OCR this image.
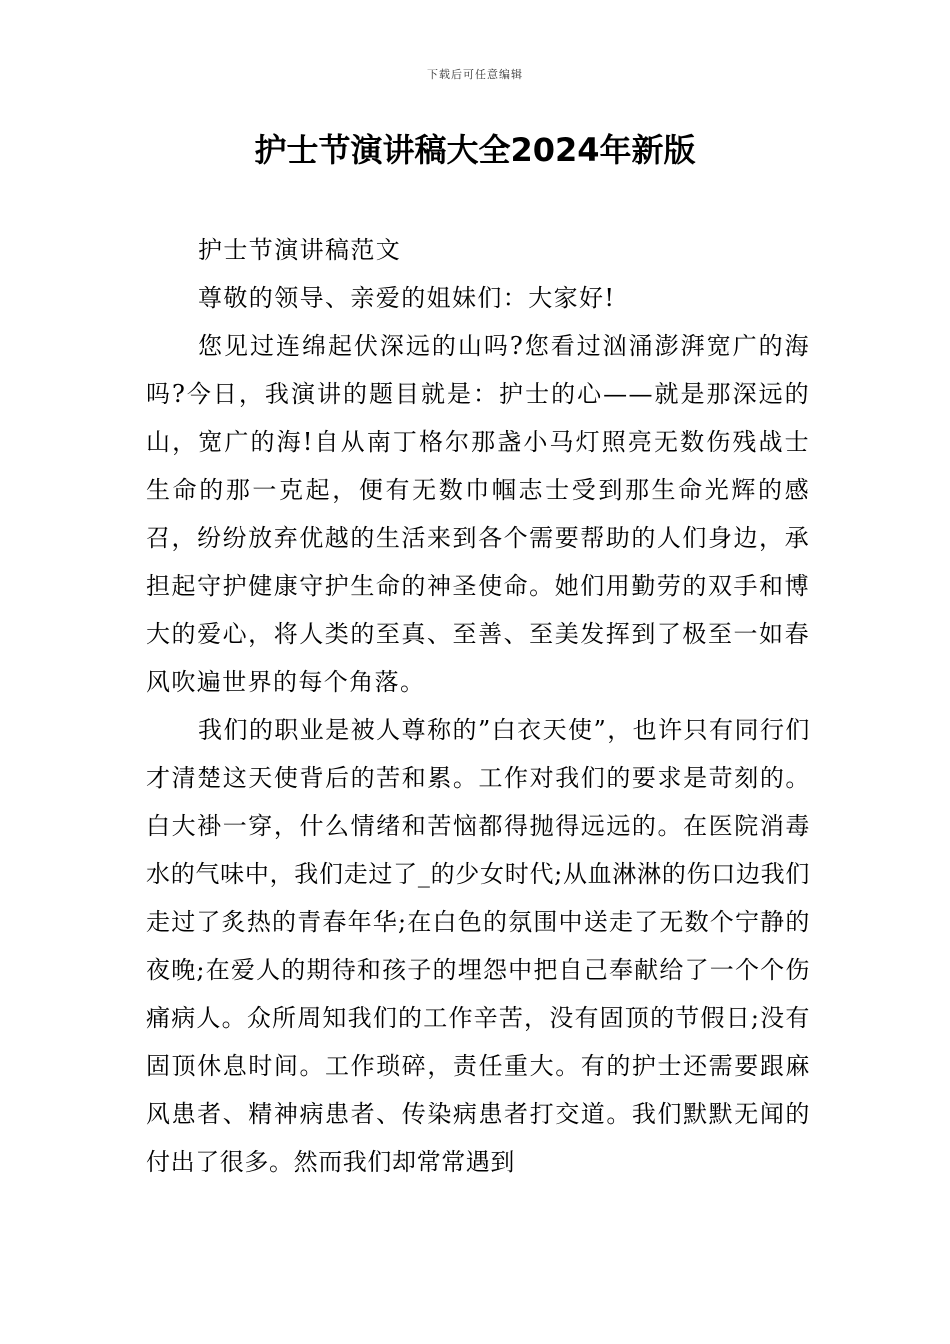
下载后可任意编辑
护士节演讲稿大全2024年新版

护士节演讲稿范文

尊敬的领导、亲爱的姐妹们：大家好!

您见过连绵起伏深远的山吗?您看过汹涌澎湃宽广的海吗?今日，我演讲的题目就是：护士的心——就是那深远的山，宽广的海!自从南丁格尔那盏小马灯照亮无数伤残战士生命的那一克起，便有无数巾帼志士受到那生命光辉的感召，纷纷放弃优越的生活来到各个需要帮助的人们身边，承担起守护健康守护生命的神圣使命。她们用勤劳的双手和博大的爱心，将人类的至真、至善、至美发挥到了极至一如春风吹遍世界的每个角落。

我们的职业是被人尊称的”白衣天使”，也许只有同行们才清楚这天使背后的苦和累。工作对我们的要求是苛刻的。白大褂一穿，什么情绪和苦恼都得抛得远远的。在医院消毒水的气味中，我们走过了_的少女时代;从血淋淋的伤口边我们走过了炙热的青春年华;在白色的氛围中送走了无数个宁静的夜晚;在爱人的期待和孩子的埋怨中把自己奉献给了一个个伤痛病人。众所周知我们的工作辛苦，没有固顶的节假日;没有固顶休息时间。工作琐碎，责任重大。有的护士还需要跟麻风患者、精神病患者、传染病患者打交道。我们默默无闻的付出了很多。然而我们却常常遇到
